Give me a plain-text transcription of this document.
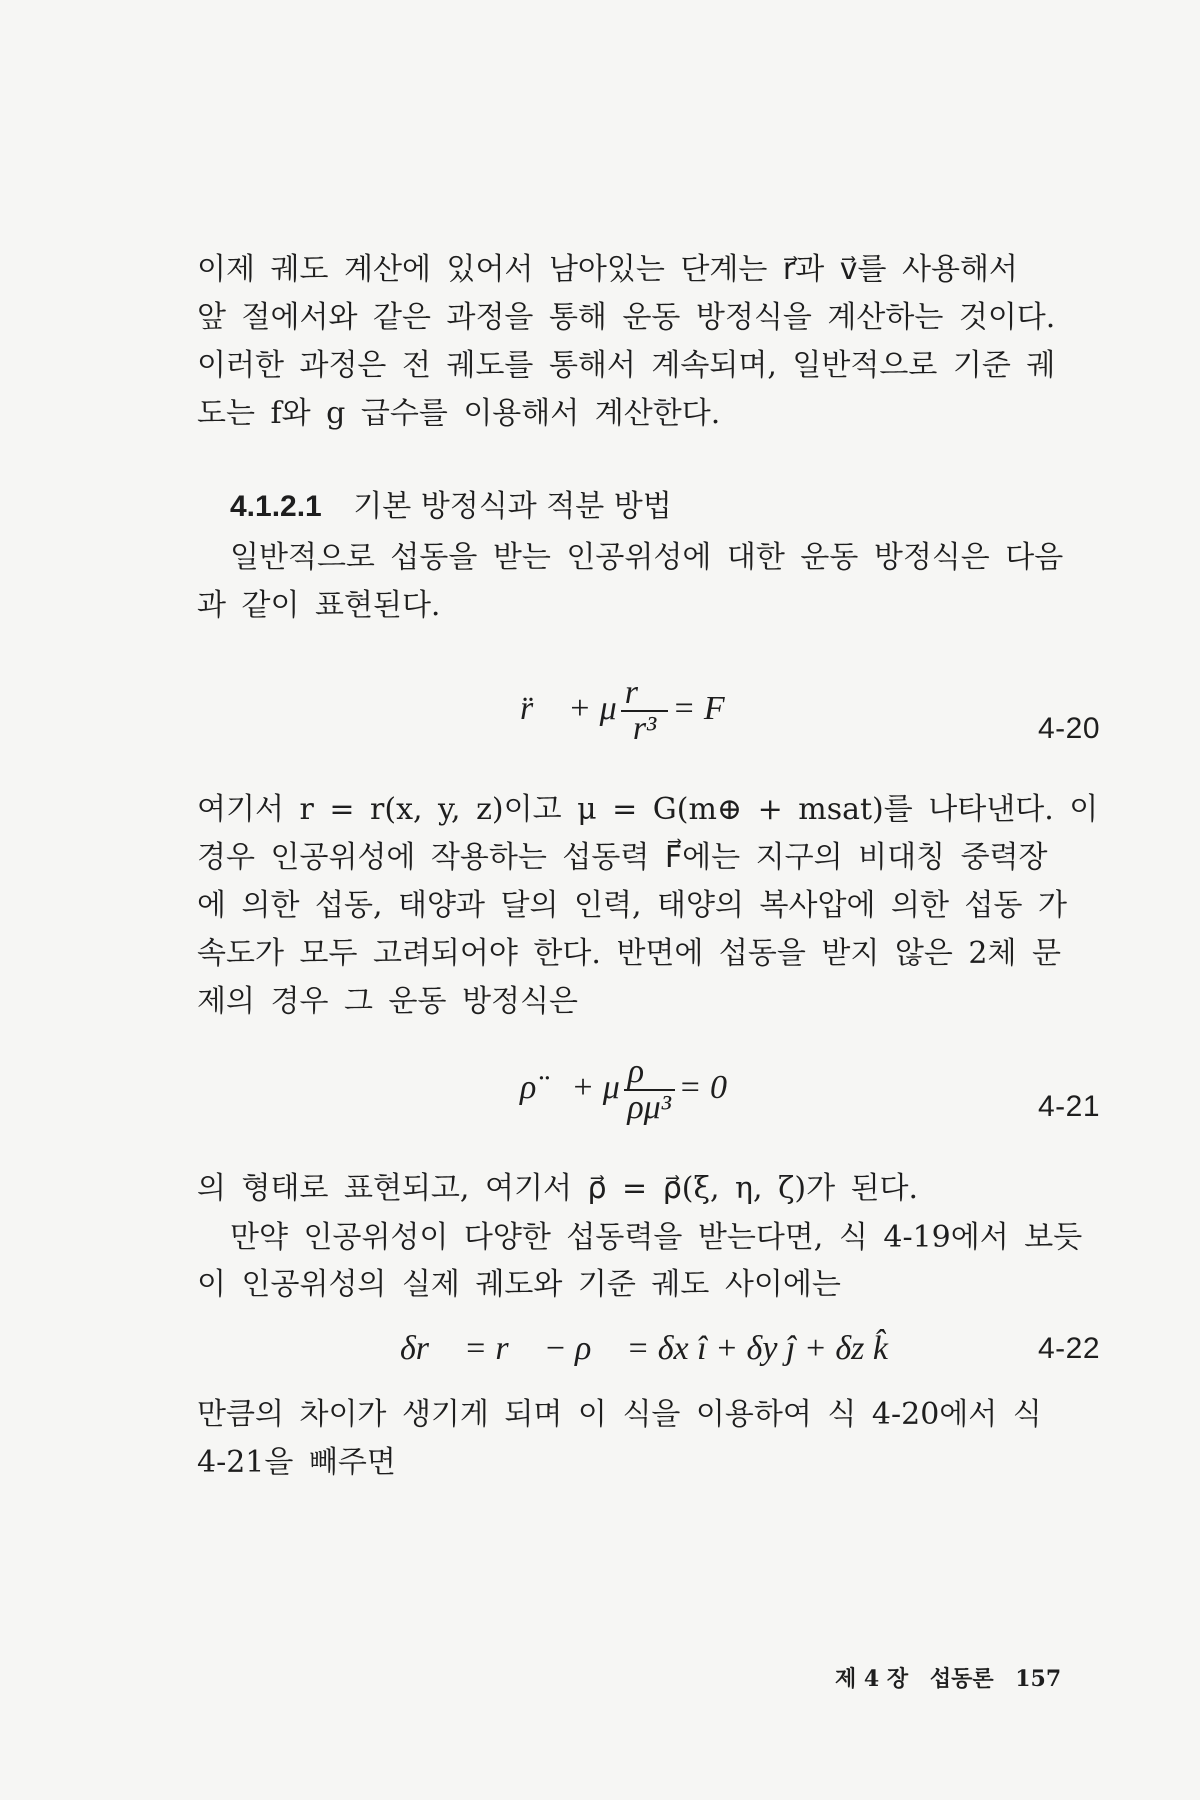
이제 궤도 계산에 있어서 남아있는 단계는 r⃗과 v⃗를 사용해서
앞 절에서와 같은 과정을 통해 운동 방정식을 계산하는 것이다.
이러한 과정은 전 궤도를 통해서 계속되며, 일반적으로 기준 궤
도는 f와 g 급수를 이용해서 계산한다.
4.1.2.1 기본 방정식과 적분 방법
일반적으로 섭동을 받는 인공위성에 대한 운동 방정식은 다음
과 같이 표현된다.
r̈⃗ + μ $\frac{r⃗}{\text{r³}}$ = F⃗
4-20
여기서 r = r(x, y, z)이고 μ = G(m⊕ + msat)를 나타낸다. 이
경우 인공위성에 작용하는 섭동력 F⃗에는 지구의 비대칭 중력장
에 의한 섭동, 태양과 달의 인력, 태양의 복사압에 의한 섭동 가
속도가 모두 고려되어야 한다. 반면에 섭동을 받지 않은 2체 문
제의 경우 그 운동 방정식은
ρ̈⃗ + μ $\frac{\rho⃗}{\text{ρμ³}} = 0$
4-21
의 형태로 표현되고, 여기서 ρ⃗ = ρ⃗(ξ, η, ζ)가 된다.
만약 인공위성이 다양한 섭동력을 받는다면, 식 4-19에서 보듯
이 인공위성의 실제 궤도와 기준 궤도 사이에는
δr⃗ = r⃗ − ρ⃗ = δx î + δy ĵ + δz k̂	4-22
만큼의 차이가 생기게 되며 이 식을 이용하여 식 4-20에서 식
4-21을 빼주면
제 4 장 섭동론 157
